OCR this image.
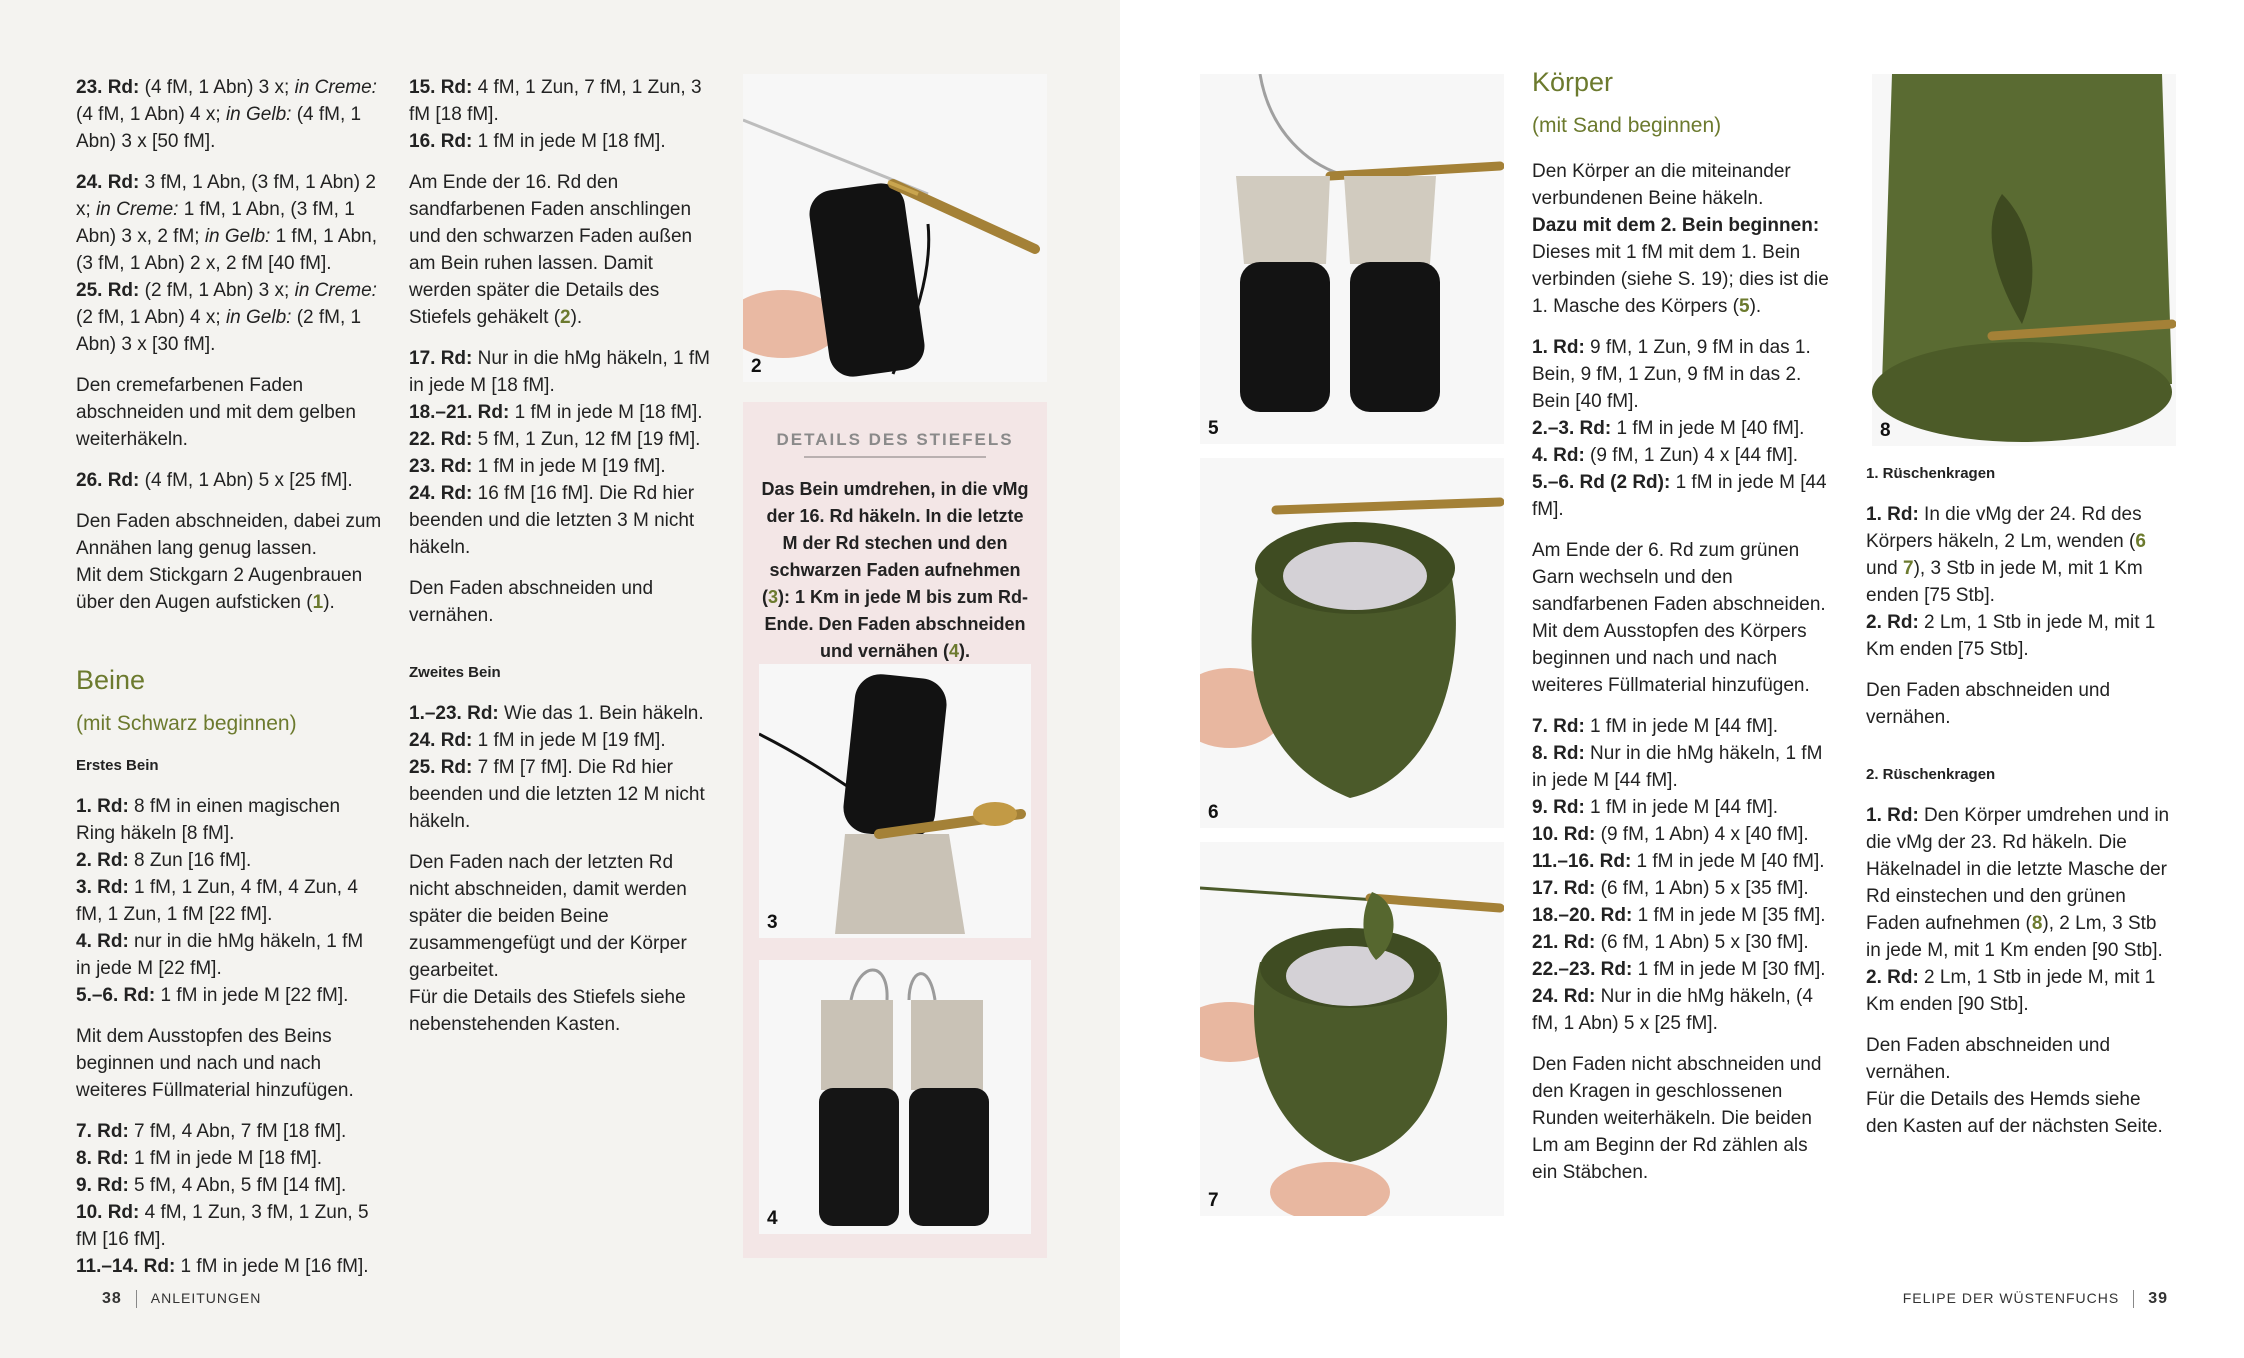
23. Rd: (4 fM, 1 Abn) 3 x; in Creme: (4 fM, 1 Abn) 4 x; in Gelb: (4 fM, 1 Abn) 3 x [50 fM].

24. Rd: 3 fM, 1 Abn, (3 fM, 1 Abn) 2 x; in Creme: 1 fM, 1 Abn, (3 fM, 1 Abn) 3 x, 2 fM; in Gelb: 1 fM, 1 Abn, (3 fM, 1 Abn) 2 x, 2 fM [40 fM].

25. Rd: (2 fM, 1 Abn) 3 x; in Creme: (2 fM, 1 Abn) 4 x; in Gelb: (2 fM, 1 Abn) 3 x [30 fM].

Den cremefarbenen Faden abschneiden und mit dem gelben weiterhäkeln.

26. Rd: (4 fM, 1 Abn) 5 x [25 fM].

Den Faden abschneiden, dabei zum Annähen lang genug lassen.

Mit dem Stickgarn 2 Augenbrauen über den Augen aufsticken (1).

Beine

(mit Schwarz beginnen)

Erstes Bein

1. Rd: 8 fM in einen magischen Ring häkeln [8 fM].

2. Rd: 8 Zun [16 fM].

3. Rd: 1 fM, 1 Zun, 4 fM, 4 Zun, 4 fM, 1 Zun, 1 fM [22 fM].

4. Rd: nur in die hMg häkeln, 1 fM in jede M [22 fM].

5.–6. Rd: 1 fM in jede M [22 fM].

Mit dem Ausstopfen des Beins beginnen und nach und nach weiteres Füllmaterial hinzufügen.

7. Rd: 7 fM, 4 Abn, 7 fM [18 fM].

8. Rd: 1 fM in jede M [18 fM].

9. Rd: 5 fM, 4 Abn, 5 fM [14 fM].

10. Rd: 4 fM, 1 Zun, 3 fM, 1 Zun, 5 fM [16 fM].

11.–14. Rd: 1 fM in jede M [16 fM].

15. Rd: 4 fM, 1 Zun, 7 fM, 1 Zun, 3 fM [18 fM].

16. Rd: 1 fM in jede M [18 fM].

Am Ende der 16. Rd den sandfarbenen Faden anschlingen und den schwarzen Faden außen am Bein ruhen lassen. Damit werden später die Details des Stiefels gehäkelt (2).

17. Rd: Nur in die hMg häkeln, 1 fM in jede M [18 fM].

18.–21. Rd: 1 fM in jede M [18 fM].

22. Rd: 5 fM, 1 Zun, 12 fM [19 fM].

23. Rd: 1 fM in jede M [19 fM].

24. Rd: 16 fM [16 fM]. Die Rd hier beenden und die letzten 3 M nicht häkeln.

Den Faden abschneiden und vernähen.

Zweites Bein

1.–23. Rd: Wie das 1. Bein häkeln.

24. Rd: 1 fM in jede M [19 fM].

25. Rd: 7 fM [7 fM]. Die Rd hier beenden und die letzten 12 M nicht häkeln.

Den Faden nach der letzten Rd nicht abschneiden, damit werden später die beiden Beine zusammengefügt und der Körper gearbeitet.

Für die Details des Stiefels siehe nebenstehenden Kasten.

2
DETAILS DES STIEFELS
Das Bein umdrehen, in die vMg der 16. Rd häkeln. In die letzte M der Rd stechen und den schwarzen Faden aufnehmen (3): 1 Km in jede M bis zum Rd-Ende. Den Faden abschneiden und vernähen (4).
3
4
38 ANLEITUNGEN
5
6
7

Körper

(mit Sand beginnen)

Den Körper an die miteinander verbundenen Beine häkeln.

Dazu mit dem 2. Bein beginnen:

Dieses mit 1 fM mit dem 1. Bein verbinden (siehe S. 19); dies ist die 1. Masche des Körpers (5).

1. Rd: 9 fM, 1 Zun, 9 fM in das 1. Bein, 9 fM, 1 Zun, 9 fM in das 2. Bein [40 fM].

2.–3. Rd: 1 fM in jede M [40 fM].

4. Rd: (9 fM, 1 Zun) 4 x [44 fM].

5.–6. Rd (2 Rd): 1 fM in jede M [44 fM].

Am Ende der 6. Rd zum grünen Garn wechseln und den sandfarbenen Faden abschneiden.

Mit dem Ausstopfen des Körpers beginnen und nach und nach weiteres Füllmaterial hinzufügen.

7. Rd: 1 fM in jede M [44 fM].

8. Rd: Nur in die hMg häkeln, 1 fM in jede M [44 fM].

9. Rd: 1 fM in jede M [44 fM].

10. Rd: (9 fM, 1 Abn) 4 x [40 fM].

11.–16. Rd: 1 fM in jede M [40 fM].

17. Rd: (6 fM, 1 Abn) 5 x [35 fM].

18.–20. Rd: 1 fM in jede M [35 fM].

21. Rd: (6 fM, 1 Abn) 5 x [30 fM].

22.–23. Rd: 1 fM in jede M [30 fM].

24. Rd: Nur in die hMg häkeln, (4 fM, 1 Abn) 5 x [25 fM].

Den Faden nicht abschneiden und den Kragen in geschlossenen Runden weiterhäkeln. Die beiden Lm am Beginn der Rd zählen als ein Stäbchen.

8

1. Rüschenkragen

1. Rd: In die vMg der 24. Rd des Körpers häkeln, 2 Lm, wenden (6 und 7), 3 Stb in jede M, mit 1 Km enden [75 Stb].

2. Rd: 2 Lm, 1 Stb in jede M, mit 1 Km enden [75 Stb].

Den Faden abschneiden und vernähen.

2. Rüschenkragen

1. Rd: Den Körper umdrehen und in die vMg der 23. Rd häkeln. Die Häkelnadel in die letzte Masche der Rd einstechen und den grünen Faden aufnehmen (8), 2 Lm, 3 Stb in jede M, mit 1 Km enden [90 Stb].

2. Rd: 2 Lm, 1 Stb in jede M, mit 1 Km enden [90 Stb].

Den Faden abschneiden und vernähen.

Für die Details des Hemds siehe den Kasten auf der nächsten Seite.

FELIPE DER WÜSTENFUCHS 39
